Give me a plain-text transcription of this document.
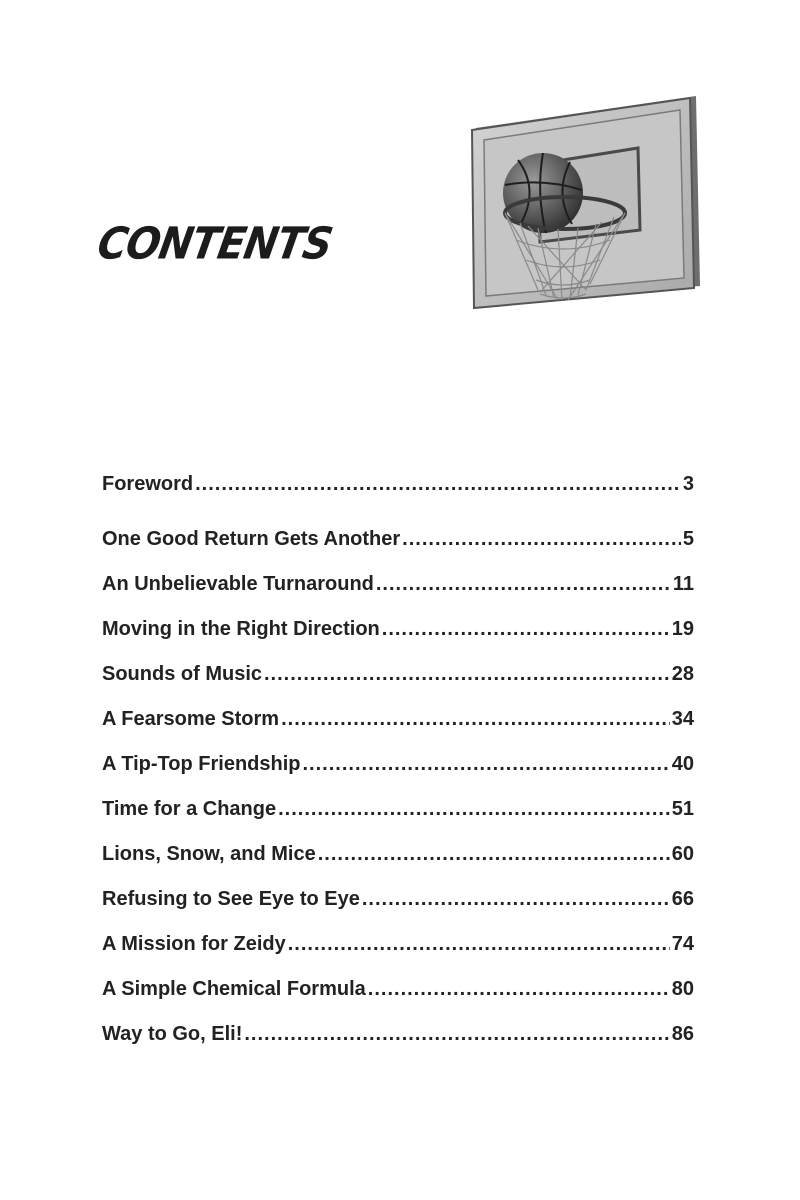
CONTENTS
Foreword .....	3
One Good Return Gets Another .....	5
An Unbelievable Turnaround .....	11
Moving in the Right Direction .....	19
Sounds of Music .....	28
A Fearsome Storm .....	34
A Tip-Top Friendship .....	40
Time for a Change .....	51
Lions, Snow, and Mice .....	60
Refusing to See Eye to Eye .....	66
A Mission for Zeidy .....	74
A Simple Chemical Formula .....	80
Way to Go, Eli! .....	86
